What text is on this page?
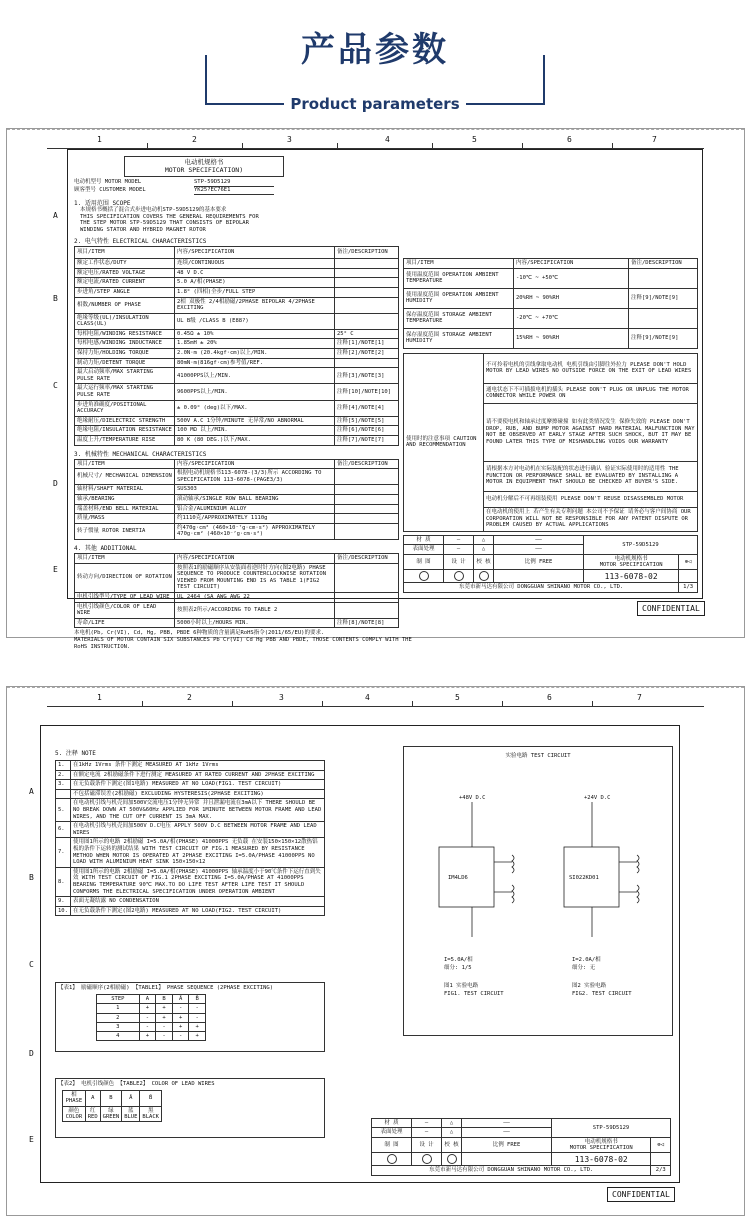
产品参数
Product parameters
1	2	3	4	5	6	7
A
B
C
D
E
电动机规格书
MOTOR SPECIFICATION)
电动机型号 MOTOR MODEL	STP-59D5129
顾客型号 CUSTOMER MODEL	YK25?EC76E1
1. 适用范围 SCOPE
本规格书概括了混合式步进电动机STP-59D5129的基本要求
THIS SPECIFICATION COVERS THE GENERAL REQUIREMENTS FOR
THE STEP MOTOR STP-59D5129 THAT CONSISTS OF BIPOLAR
WINDING STATOR AND HYBRID MAGNET ROTOR
2. 电气特性 ELECTRICAL CHARACTERISTICS
项目/ITEM	内容/SPECIFICATION	备注/DESCRIPTION
额定工作状态/DUTY	连续/CONTINUOUS	
额定电压/RATED VOLTAGE	48 V D.C	
额定电流/RATED CURRENT	5.0 A/相(PHASE)	
步进角/STEP ANGLE	1.8° (四相)全步/FULL STEP	
相数/NUMBER OF PHASE	2相 双极性 2/4相励磁/2PHASE BIPOLAR 4/2PHASE EXCITING	
绝缘等级(UL)/INSULATION CLASS(UL)	UL B级 /CLASS B (E88?)	
每相电阻/WINDING RESISTANCE	0.45Ω ± 10%	25° C
每相电感/WINDING INDUCTANCE	1.85mH ± 20%	注释[1]/NOTE[1]
保持力矩/HOLDING TORQUE	2.0N·m (20.4kgf·cm)以上/MIN.	注释[2]/NOTE[2]
制动力矩/DETENT TORQUE	80mN·m(816gf·cm)参考值/REF.	
最大启动频率/MAX STARTING PULSE RATE	41000PPS以上/MIN.	注释[3]/NOTE[3]
最大运行频率/MAX STARTING PULSE RATE	9600PPS以上/MIN.	注释[10]/NOTE[10]
步进角准确度/POSITIONAL ACCURACY	± 0.09° (deg)以下/MAX.	注释[4]/NOTE[4]
绝缘耐压/DIELECTRIC STRENGTH	500V A.C 1分钟/MINUTE 无异常/NO ABNORMAL	注释[5]/NOTE[5]
绝缘电阻/INSULATION RESISTANCE	100 MΩ 以上/MIN.	注释[6]/NOTE[6]
温度上升/TEMPERATURE RISE	80 K (80 DEG.)以下/MAX.	注释[7]/NOTE[7]
3. 机械特性 MECHANICAL CHARACTERISTICS
项目/ITEM	内容/SPECIFICATION	备注/DESCRIPTION
机械尺寸/ MECHANICAL DIMENSION	根据电动机规格书113-6078-(3/3)所示 ACCORDING TO SPECIFICATION 113-6078-(PAGE3/3)	
轴材料/SHAFT MATERIAL	SUS303	
轴承/BEARING	滚动轴承/SINGLE ROW BALL BEARING	
端盖材料/END BELL MATERIAL	铝合金/ALUMINIUM ALLOY	
质量/MASS	约1110克/APPROXIMATELY 1110g	
转子惯量 ROTOR INERTIA	约470g·cm² (460×10⁻⁷g·cm·s²) APPROXIMATELY 470g·cm² (460×10⁻⁷g·cm·s²)	
4. 其他 ADDITIONAL
项目/ITEM	内容/SPECIFICATION	备注/DESCRIPTION
转动方向/DIRECTION OF ROTATION	按照表1的励磁顺序从安装面看逆时针方向(图2电路) PHASE SEQUENCE TO PRODUCE COUNTERCLOCKWISE ROTATION VIEWED FROM MOUNTING END IS AS TABLE 1(FIG2 TEST CIRCUIT)	
电机引线型号/TYPE OF LEAD WIRE	UL 2464 (SA AWG AWG 22	
电机引线颜色/COLOR OF LEAD WIRE	按照表2所示/ACCORDING TO TABLE 2	
寿命/LIFE	5000小时以上/HOURS MIN.	注释[8]/NOTE[8]
本电机(Pb, Cr(VI), Cd, Hg, PBB, PBDE 6种物质的含量满足RoHS指令(2011/65/EU)的要求.
MATERIALS OF MOTOR CONTAIN SIX SUBSTANCES Pb Cr(VI) Cd Hg PBB AND PBDE, THOSE CONTENTS COMPLY WITH THE
RoHS INSTRUCTION.
项目/ITEM	内容/SPECIFICATION	备注/DESCRIPTION
使用温度范围 OPERATION AMBIENT TEMPERATURE	-10℃ ~ +50℃	
使用湿度范围 OPERATION AMBIENT HUMIDITY	20%RH ~ 90%RH	注释[9]/NOTE[9]
保存温度范围 STORAGE AMBIENT TEMPERATURE	-20℃ ~ +70℃	
保存湿度范围 STORAGE AMBIENT HUMIDITY	15%RH ~ 90%RH	注释[9]/NOTE[9]
使用时的注意事项 CAUTION AND RECOMMENDATION	不可拎着电机的引线拿取电动机 电机引线由引脚往外拉力 PLEASE DON'T HOLD MOTOR BY LEAD WIRES NO OUTSIDE FORCE ON THE EXIT OF LEAD WIRES
通电状态下不可插拔电机的插头 PLEASE DON'T PLUG OR UNPLUG THE MOTOR CONNECTOR WHILE POWER ON
请不要使电机和轴承过度摩擦碰撞 如有此类情况发生 保修失效的 PLEASE DON'T DROP, RUB, AND BUMP MOTOR AGAINST HARD MATERIAL MALFUNCTION MAY NOT BE OBSERVED AT EARLY STAGE AFTER SUCH SHOCK, BUT IT MAY BE FOUND LATER THIS TYPE OF MISHANDLING VOIDS OUR WARRANTY
请根据本方对电动机在实际装配的状态进行确认 验证实际使用时的适用性 THE FUNCTION OR PERFORMANCE SHALL BE EVALUATED BY INSTALLING A MOTOR IN EQUIPMENT THAT SHOULD BE CHECKED AT BUYER'S SIDE.
电动机分解后不可再组装使用 PLEASE DON'T REUSE DISASSEMBLED MOTOR
在电动机的使用上 若产生有关专利问题 本公司不予保证 请务必与客户间协商 OUR CORPORATION WILL NOT BE RESPONSIBLE FOR ANY PATENT DISPUTE OR PROBLEM CAUSED BY ACTUAL APPLICATIONS
材 质	—	△	——	STP-59D5129	
表面处理	—	△	——		
制 图	设 计	校 核	比例 FREE	电动机规格书
MOTOR SPECIFICATION	⊕◁
				113-6078-02	
东莞市新马达有限公司 DONGGUAN SHINANO MOTOR CO., LTD.					1/3
CONFIDENTIAL
1	2	3	4	5	6	7
A
B
C
D
E
5. 注释 NOTE
1.	在1kHz 1Vrms 条件下测定 MEASURED AT 1kHz 1Vrms
2.	在额定电流 2相励磁条件下进行测定 MEASURED AT RATED CURRENT AND 2PHASE EXCITING
3.	在无负载条件下测定(图1电路) MEASURED AT NO LOAD(FIG1. TEST CIRCUIT)
	不包括磁滞误差(2相励磁) EXCLUDING HYSTERESIS(2PHASE EXCITING)
5.	在电动机引线与机壳间加500V交流电压1分钟无异常 并且泄漏电流在3mA以下 THERE SHOULD BE NO BREAK DOWN AT 500V&60Hz APPLIED FOR 1MINUTE BETWEEN MOTOR FRAME AND LEAD WIRES, AND THE CUT OFF CURRENT IS 3mA MAX.
6.	在电动机引线与机壳间加500V D.C电压 APPLY 500V D.C BETWEEN MOTOR FRAME AND LEAD WIRES
7.	使用图1所示的电路 2相励磁 I=5.0A/相(PHASE) 41000PPS 无负载 在安装150×150×12散热铝板的条件下运转的测试结果 WITH TEST CIRCUIT OF FIG.1 MEASURED BY RESISTANCE METHOD WHEN MOTOR IS OPERATED AT 2PHASE EXCITING I=5.0A/PHASE 41000PPS NO LOAD WITH ALUMINIUM HEAT SINK 150×150×12
8.	使用图1所示的电路 2相励磁 I=5.0A/相(PHASE) 41000PPS 轴承温度小于90℃条件下运行直到失效 WITH TEST CIRCUIT OF FIG.1 2PHASE EXCITING I=5.0A/PHASE AT 41000PPS BEARING TEMPERATURE 90℃ MAX.TO DO LIFE TEST AFTER LIFE TEST IT SHOULD CONFORMS THE ELECTRICAL SPECIFICATION UNDER OPERATION AMBIENT
9.	表面无凝结露 NO CONDENSATION
10.	在无负载条件下测定(图2电路) MEASURED AT NO LOAD(FIG2. TEST CIRCUIT)
【表1】 励磁顺序(2相励磁) 【TABLE1】 PHASE SEQUENCE (2PHASE EXCITING)
STEP	A	B	Ā	B̄
1	+	+	-	-
2	-	+	+	-
3	-	-	+	+
4	+	-	-	+
【表2】 电机引线颜色 【TABLE2】 COLOR OF LEAD WIRES
相 PHASE	A	B	Ā	B̄
颜色 COLOR	红 RED	绿 GREEN	蓝 BLUE	黑 BLACK
实验电路 TEST CIRCUIT
+48V D.C
IM4LD6
+24V D.C
SI022KD01
I=5.0A/相
细分: 1/5
I=2.0A/相
细分: 无
图1 实验电路
FIG1. TEST CIRCUIT
图2 实验电路
FIG2. TEST CIRCUIT
材 质	—	△	——	STP-59D5129	
表面处理	—	△	——		
制 图	设 计	校 核	比例 FREE	电动机规格书
MOTOR SPECIFICATION	⊕◁
				113-6078-02	
东莞市新马达有限公司 DONGGUAN SHINANO MOTOR CO., LTD.					2/3
CONFIDENTIAL
